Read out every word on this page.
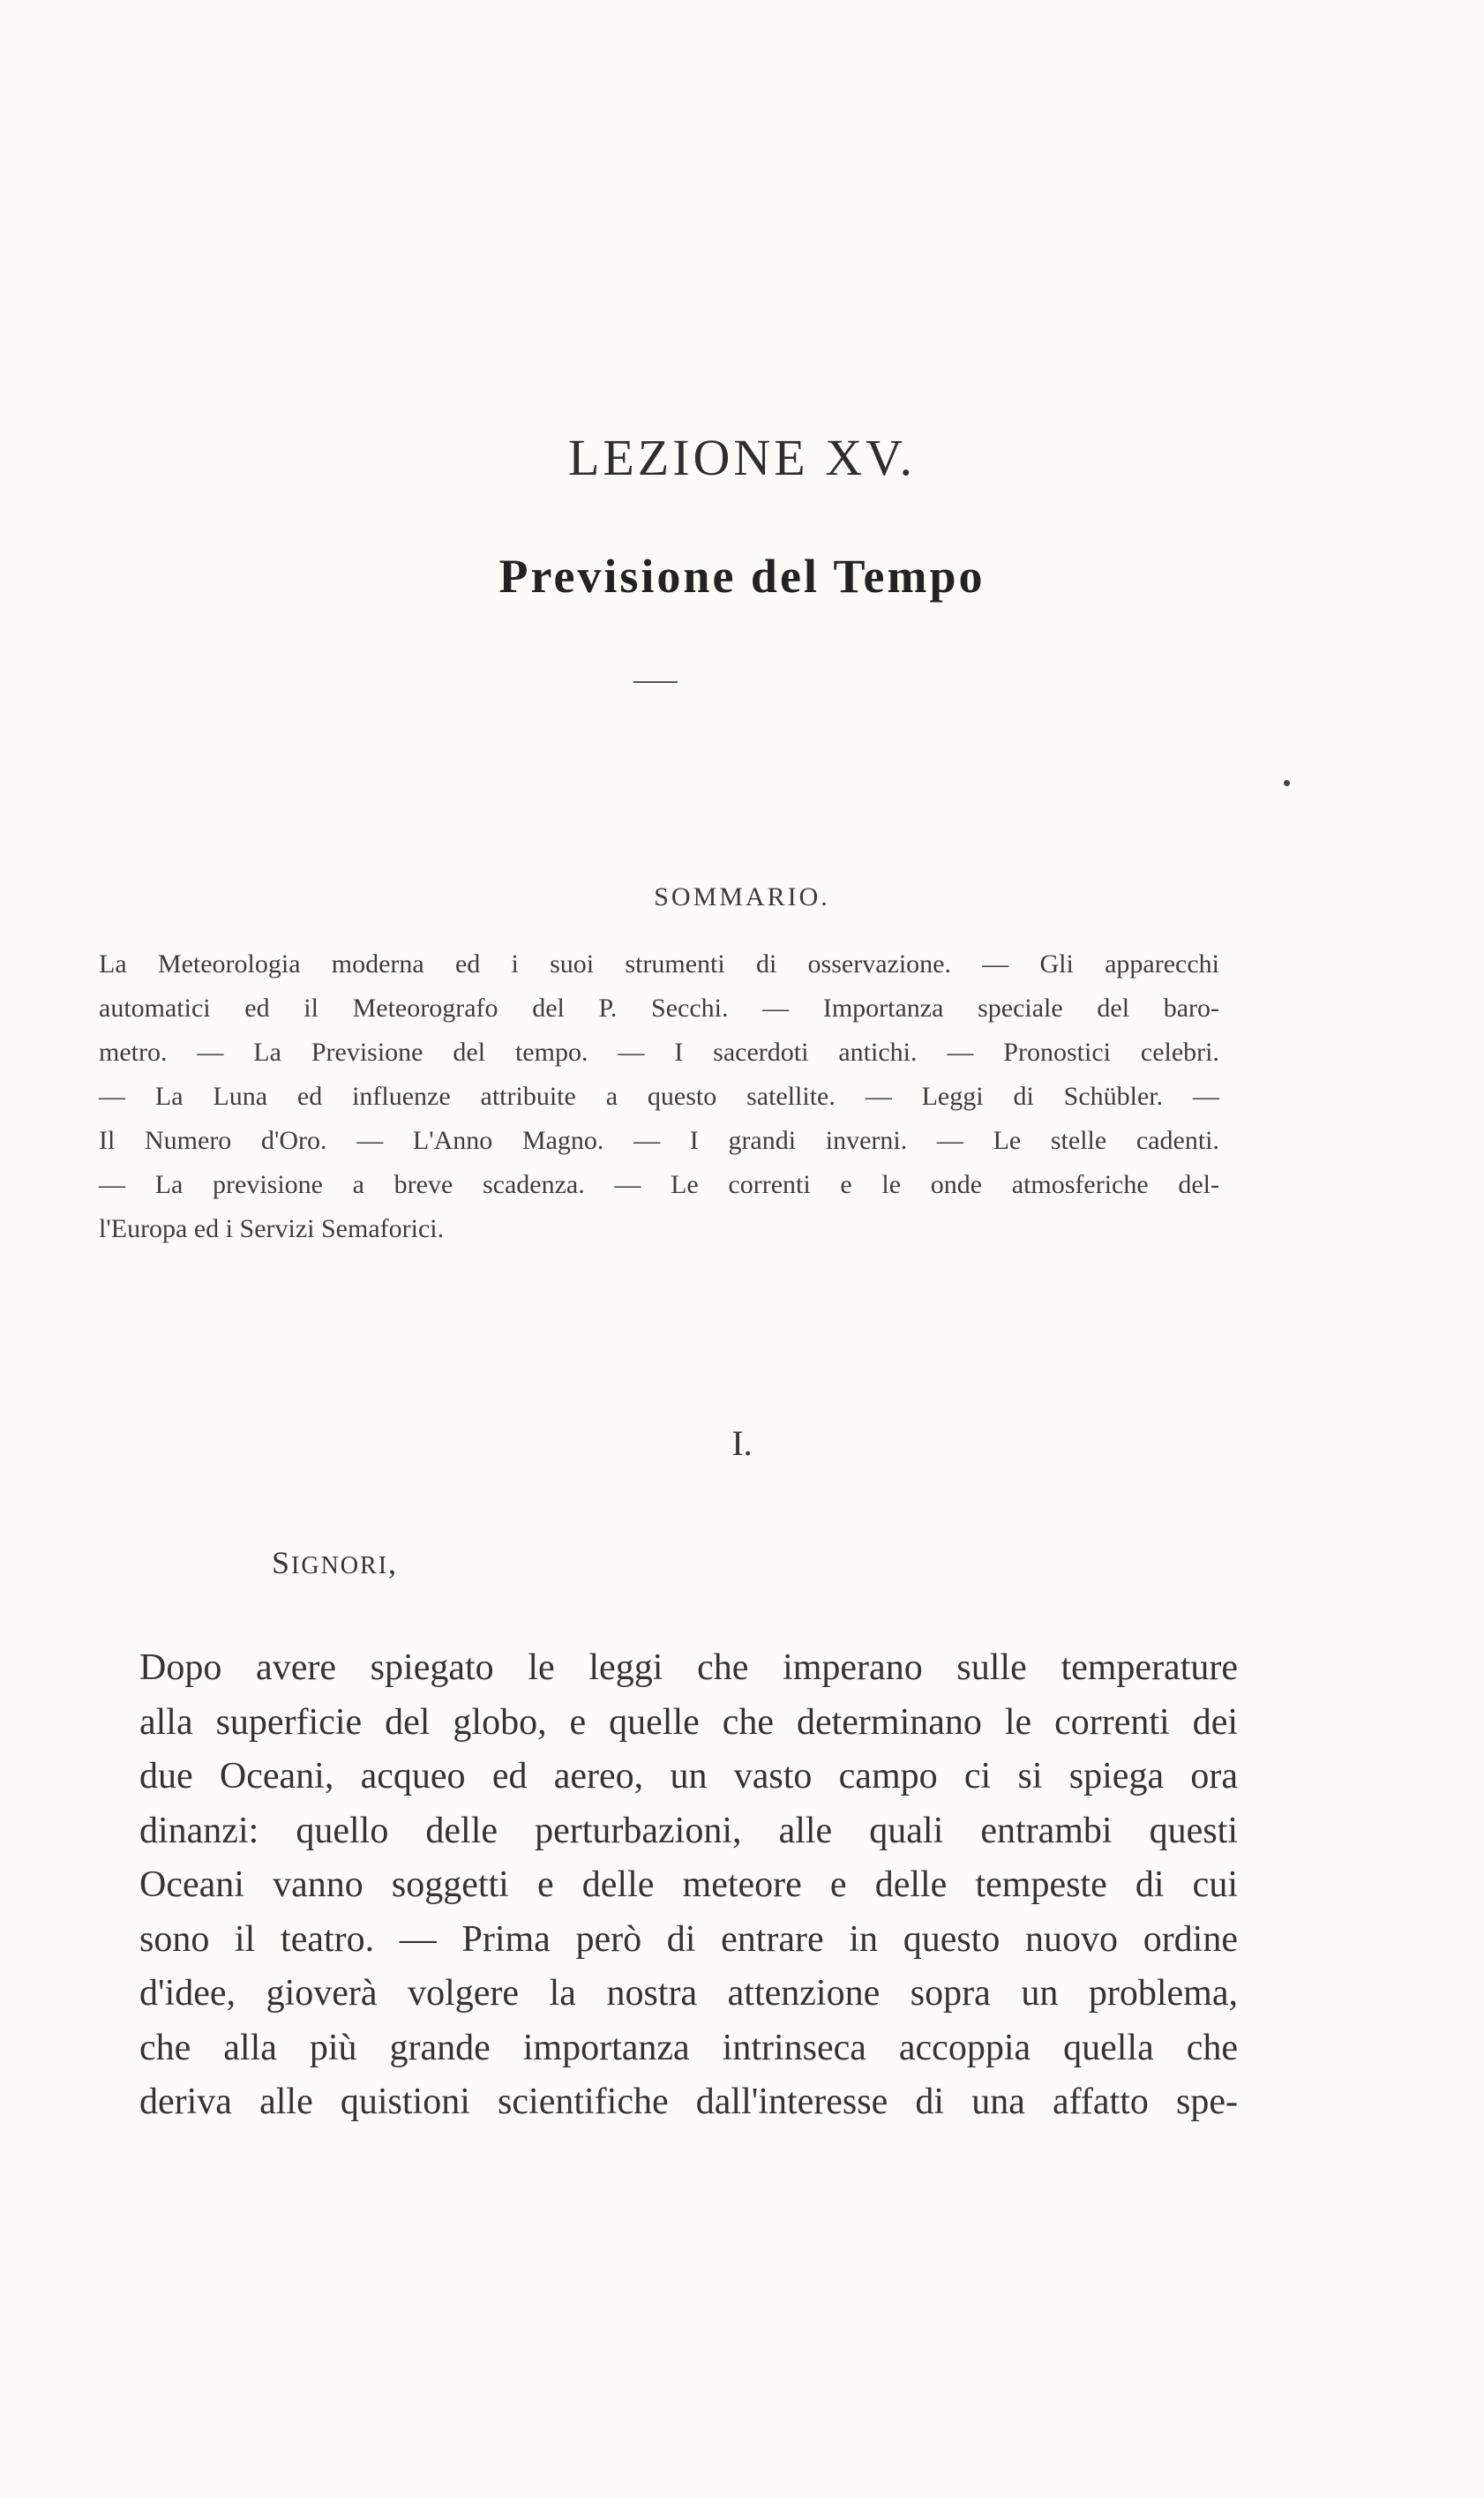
LEZIONE XV.
Previsione del Tempo
SOMMARIO.
La Meteorologia moderna ed i suoi strumenti di osservazione. — Gli apparecchi
automatici ed il Meteorografo del P. Secchi. — Importanza speciale del baro-
metro. — La Previsione del tempo. — I sacerdoti antichi. — Pronostici celebri.
— La Luna ed influenze attribuite a questo satellite. — Leggi di Schübler. —
Il Numero d'Oro. — L'Anno Magno. — I grandi inverni. — Le stelle cadenti.
— La previsione a breve scadenza. — Le correnti e le onde atmosferiche del-
l'Europa ed i Servizi Semaforici.
I.
SIGNORI,
Dopo avere spiegato le leggi che imperano sulle temperature
alla superficie del globo, e quelle che determinano le correnti dei
due Oceani, acqueo ed aereo, un vasto campo ci si spiega ora
dinanzi: quello delle perturbazioni, alle quali entrambi questi
Oceani vanno soggetti e delle meteore e delle tempeste di cui
sono il teatro. — Prima però di entrare in questo nuovo ordine
d'idee, gioverà volgere la nostra attenzione sopra un problema,
che alla più grande importanza intrinseca accoppia quella che
deriva alle quistioni scientifiche dall'interesse di una affatto spe-
